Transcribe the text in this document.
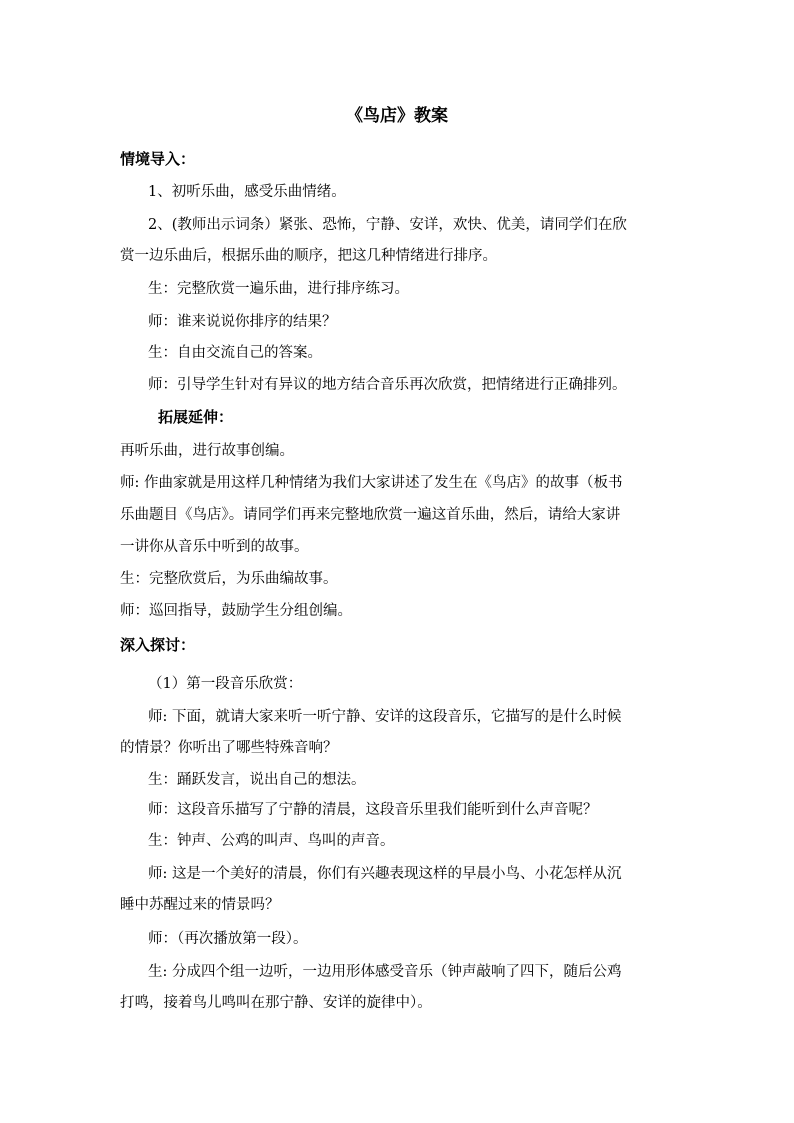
《鸟店》教案
情境导入：
1、初听乐曲，感受乐曲情绪。
2、(教师出示词条）紧张、恐怖，宁静、安详，欢快、优美，请同学们在欣
赏一边乐曲后，根据乐曲的顺序，把这几种情绪进行排序。
生：完整欣赏一遍乐曲，进行排序练习。
师：谁来说说你排序的结果？
生：自由交流自己的答案。
师：引导学生针对有异议的地方结合音乐再次欣赏，把情绪进行正确排列。
拓展延伸：
再听乐曲，进行故事创编。
师: 作曲家就是用这样几种情绪为我们大家讲述了发生在《鸟店》的故事（板书
乐曲题目《鸟店》。请同学们再来完整地欣赏一遍这首乐曲，然后，请给大家讲
一讲你从音乐中听到的故事。
生：完整欣赏后，为乐曲编故事。
师：巡回指导，鼓励学生分组创编。
深入探讨：
（1）第一段音乐欣赏：
师: 下面，就请大家来听一听宁静、安详的这段音乐，它描写的是什么时候
的情景？你听出了哪些特殊音响？
生：踊跃发言，说出自己的想法。
师：这段音乐描写了宁静的清晨，这段音乐里我们能听到什么声音呢？
生：钟声、公鸡的叫声、鸟叫的声音。
师: 这是一个美好的清晨，你们有兴趣表现这样的早晨小鸟、小花怎样从沉
睡中苏醒过来的情景吗？
师：（再次播放第一段）。
生: 分成四个组一边听，一边用形体感受音乐（钟声敲响了四下，随后公鸡
打鸣，接着鸟儿鸣叫在那宁静、安详的旋律中）。
